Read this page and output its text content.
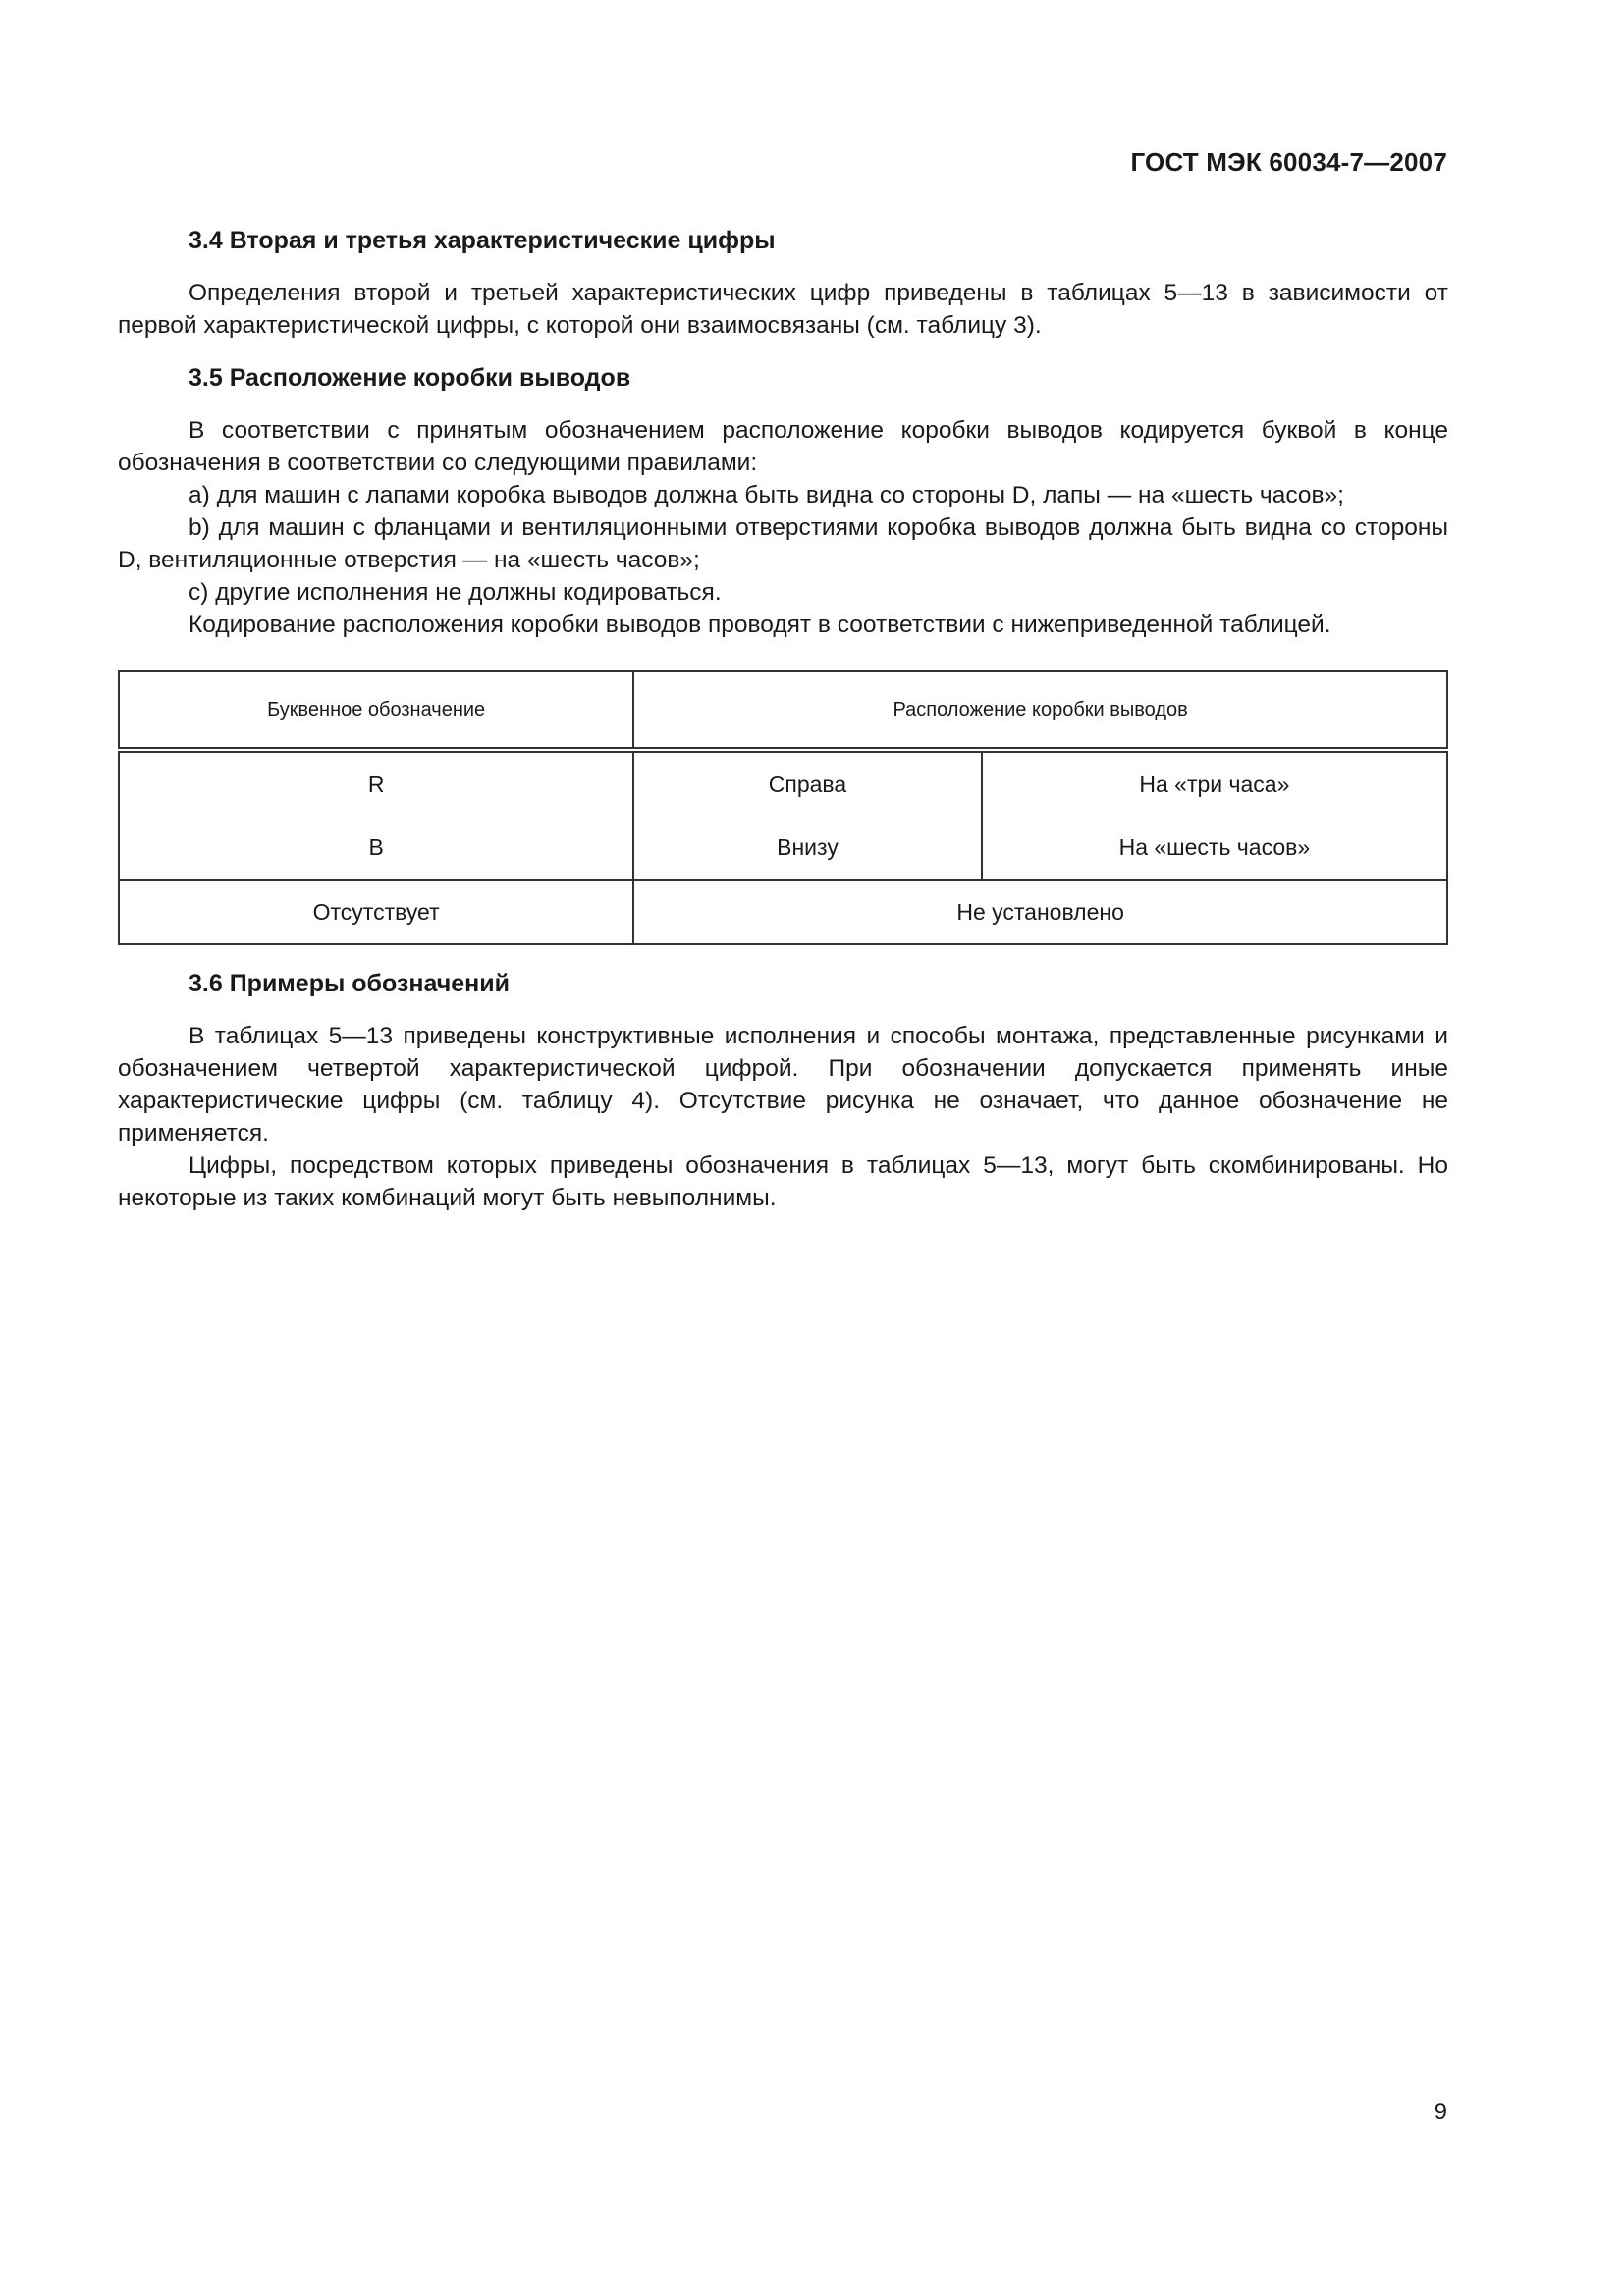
ГОСТ МЭК 60034-7—2007
3.4 Вторая и третья характеристические цифры

Определения второй и третьей характеристических цифр приведены в таблицах 5—13 в зависимости от первой характеристической цифры, с которой они взаимосвязаны (см. таблицу 3).

3.5 Расположение коробки выводов

В соответствии с принятым обозначением расположение коробки выводов кодируется буквой в конце обозначения в соответствии со следующими правилами:

a) для машин с лапами коробка выводов должна быть видна со стороны D, лапы — на «шесть часов»;

b) для машин с фланцами и вентиляционными отверстиями коробка выводов должна быть видна со стороны D, вентиляционные отверстия — на «шесть часов»;

c) другие исполнения не должны кодироваться.

Кодирование расположения коробки выводов проводят в соответствии с нижеприведенной таблицей.

Буквенное обозначение	Расположение коробки выводов	
R	Справа	На «три часа»
B	Внизу	На «шесть часов»
Отсутствует	Не установлено	
3.6 Примеры обозначений

В таблицах 5—13 приведены конструктивные исполнения и способы монтажа, представленные рисунками и обозначением четвертой характеристической цифрой. При обозначении допускается применять иные характеристические цифры (см. таблицу 4). Отсутствие рисунка не означает, что данное обозначение не применяется.

Цифры, посредством которых приведены обозначения в таблицах 5—13, могут быть скомбинированы. Но некоторые из таких комбинаций могут быть невыполнимы.

9
